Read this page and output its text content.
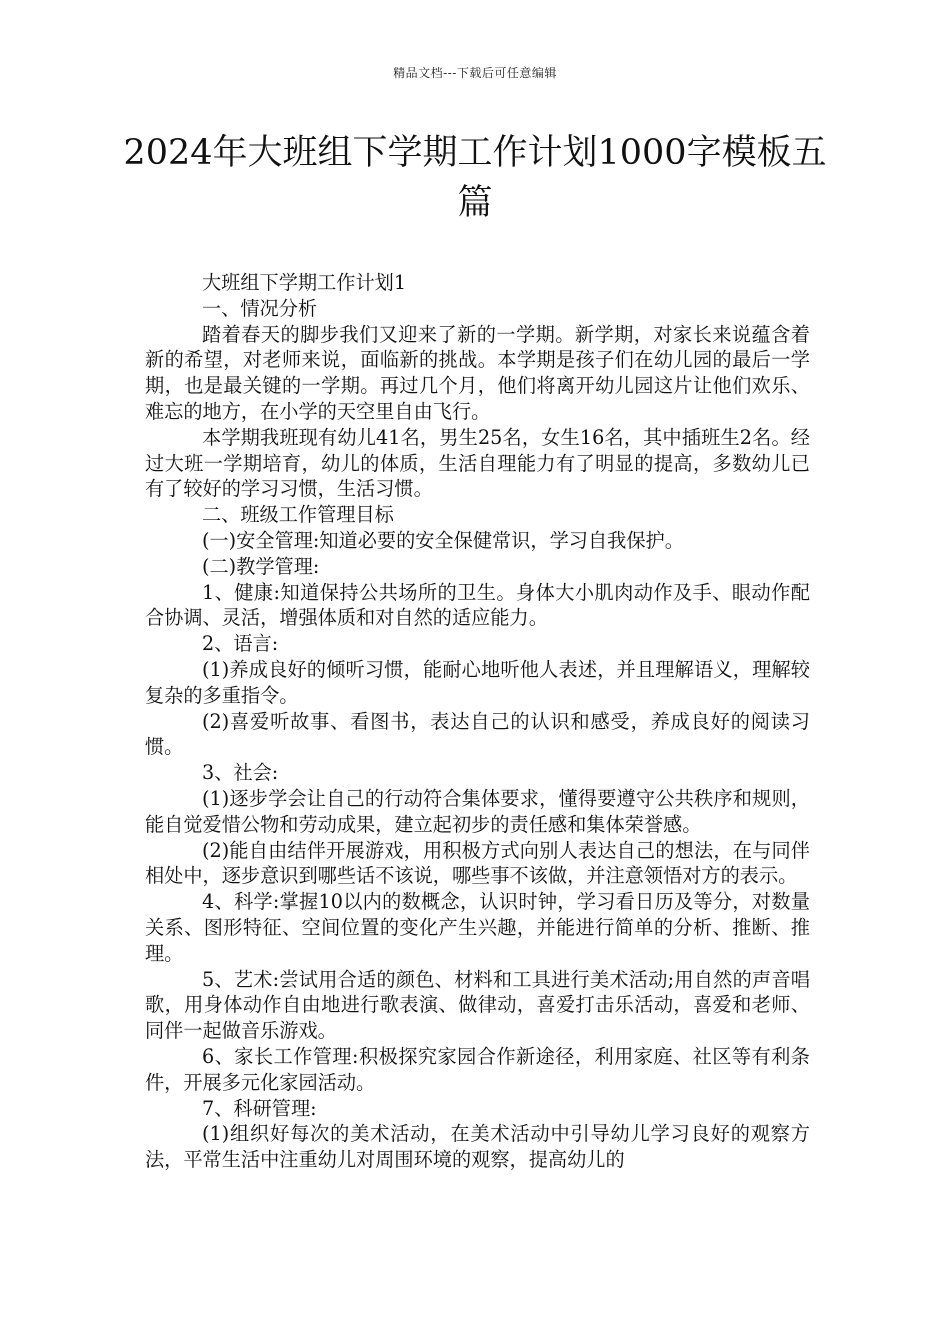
精品文档---下载后可任意编辑
2024年大班组下学期工作计划1000字模板五篇

大班组下学期工作计划1

一、情况分析

踏着春天的脚步我们又迎来了新的一学期。新学期，对家长来说蕴含着新的希望，对老师来说，面临新的挑战。本学期是孩子们在幼儿园的最后一学期，也是最关键的一学期。再过几个月，他们将离开幼儿园这片让他们欢乐、难忘的地方，在小学的天空里自由飞行。

本学期我班现有幼儿41名，男生25名，女生16名，其中插班生2名。经过大班一学期培育，幼儿的体质，生活自理能力有了明显的提高，多数幼儿已有了较好的学习习惯，生活习惯。

二、班级工作管理目标

(一)安全管理:知道必要的安全保健常识，学习自我保护。

(二)教学管理:

1、健康:知道保持公共场所的卫生。身体大小肌肉动作及手、眼动作配合协调、灵活，增强体质和对自然的适应能力。

2、语言:

(1)养成良好的倾听习惯，能耐心地听他人表述，并且理解语义，理解较复杂的多重指令。

(2)喜爱听故事、看图书，表达自己的认识和感受，养成良好的阅读习惯。

3、社会:

(1)逐步学会让自己的行动符合集体要求，懂得要遵守公共秩序和规则，能自觉爱惜公物和劳动成果，建立起初步的责任感和集体荣誉感。

(2)能自由结伴开展游戏，用积极方式向别人表达自己的想法，在与同伴相处中，逐步意识到哪些话不该说，哪些事不该做，并注意领悟对方的表示。

4、科学:掌握10以内的数概念，认识时钟，学习看日历及等分，对数量关系、图形特征、空间位置的变化产生兴趣，并能进行简单的分析、推断、推理。

5、艺术:尝试用合适的颜色、材料和工具进行美术活动;用自然的声音唱歌，用身体动作自由地进行歌表演、做律动，喜爱打击乐活动，喜爱和老师、同伴一起做音乐游戏。

6、家长工作管理:积极探究家园合作新途径，利用家庭、社区等有利条件，开展多元化家园活动。

7、科研管理:

(1)组织好每次的美术活动，在美术活动中引导幼儿学习良好的观察方法，平常生活中注重幼儿对周围环境的观察，提高幼儿的
